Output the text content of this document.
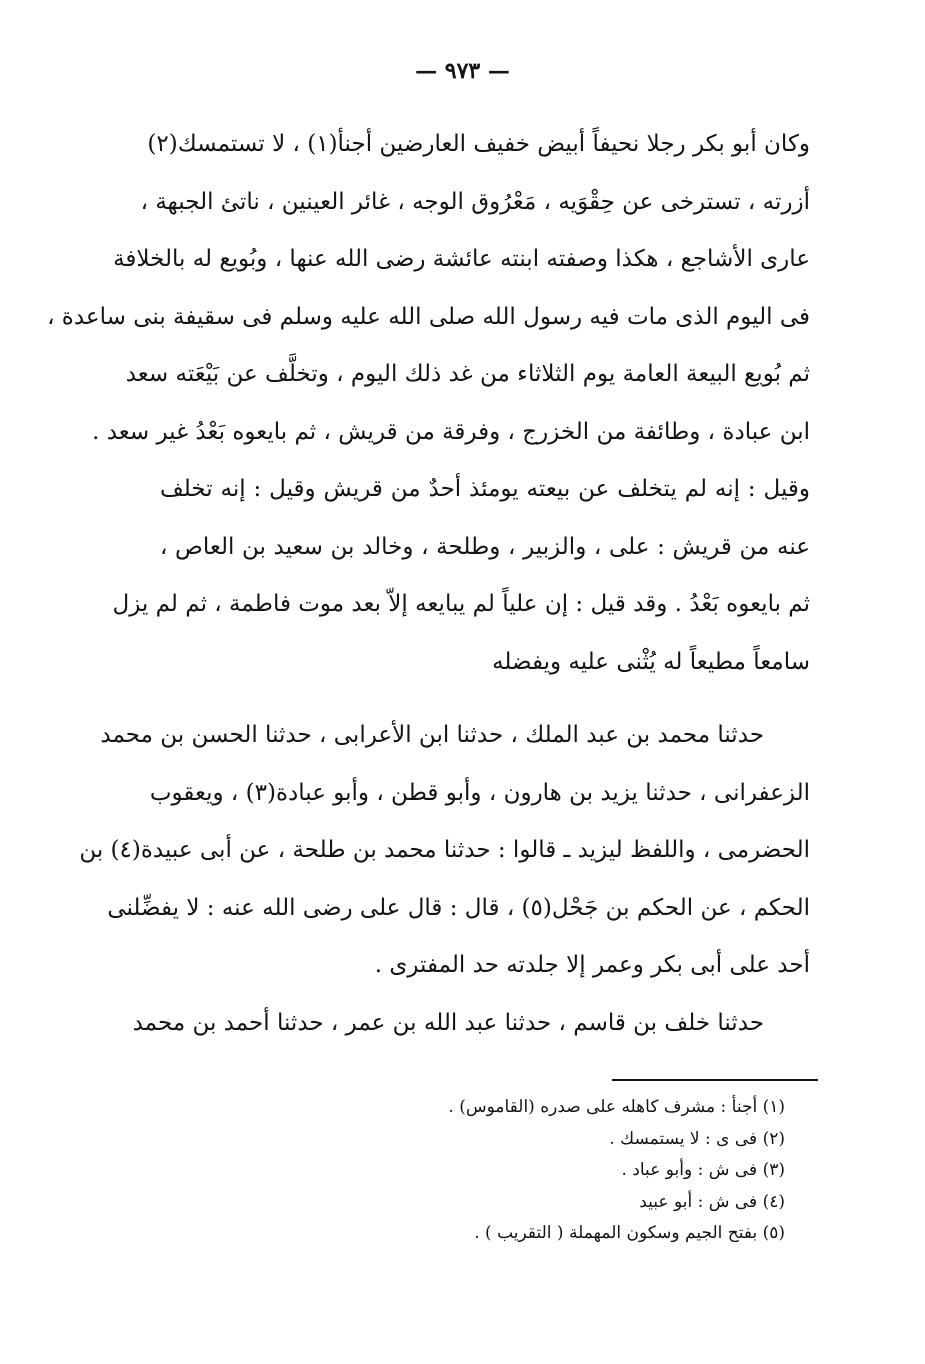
— ٩٧٣ —
وكان أبو بكر رجلا نحيفاً أبيض خفيف العارضين أجنأ(١) ، لا تستمسك(٢)
أزرته ، تسترخى عن حِقْوَيه ، مَعْرُوق الوجه ، غائر العينين ، ناتئ الجبهة ،
عارى الأشاجع ، هكذا وصفته ابنته عائشة رضى الله عنها ، وبُويع له بالخلافة
فى اليوم الذى مات فيه رسول الله صلى الله عليه وسلم فى سقيفة بنى ساعدة ،
ثم بُويع البيعة العامة يوم الثلاثاء من غد ذلك اليوم ، وتخلَّف عن بَيْعَته سعد
ابن عبادة ، وطائفة من الخزرج ، وفرقة من قريش ، ثم بايعوه بَعْدُ غير سعد .
وقيل : إنه لم يتخلف عن بيعته يومئذ أحدٌ من قريش وقيل : إنه تخلف
عنه من قريش : على ، والزبير ، وطلحة ، وخالد بن سعيد بن العاص ،
ثم بايعوه بَعْدُ . وقد قيل : إن علياً لم يبايعه إلاّ بعد موت فاطمة ، ثم لم يزل
سامعاً مطيعاً له يُثْنى عليه ويفضله
حدثنا محمد بن عبد الملك ، حدثنا ابن الأعرابى ، حدثنا الحسن بن محمد
الزعفرانى ، حدثنا يزيد بن هارون ، وأبو قطن ، وأبو عبادة(٣) ، ويعقوب
الحضرمى ، واللفظ ليزيد ـ قالوا : حدثنا محمد بن طلحة ، عن أبى عبيدة(٤) بن
الحكم ، عن الحكم بن جَحْل(٥) ، قال : قال على رضى الله عنه : لا يفضِّلنى
أحد على أبى بكر وعمر إلا جلدته حد المفترى .
حدثنا خلف بن قاسم ، حدثنا عبد الله بن عمر ، حدثنا أحمد بن محمد
(١) أجنأ : مشرف كاهله على صدره (القاموس) .
(٢) فى ى : لا يستمسك .
(٣) فى ش : وأبو عباد .
(٤) فى ش : أبو عبيد
(٥) بفتح الجيم وسكون المهملة ( التقريب ) .
